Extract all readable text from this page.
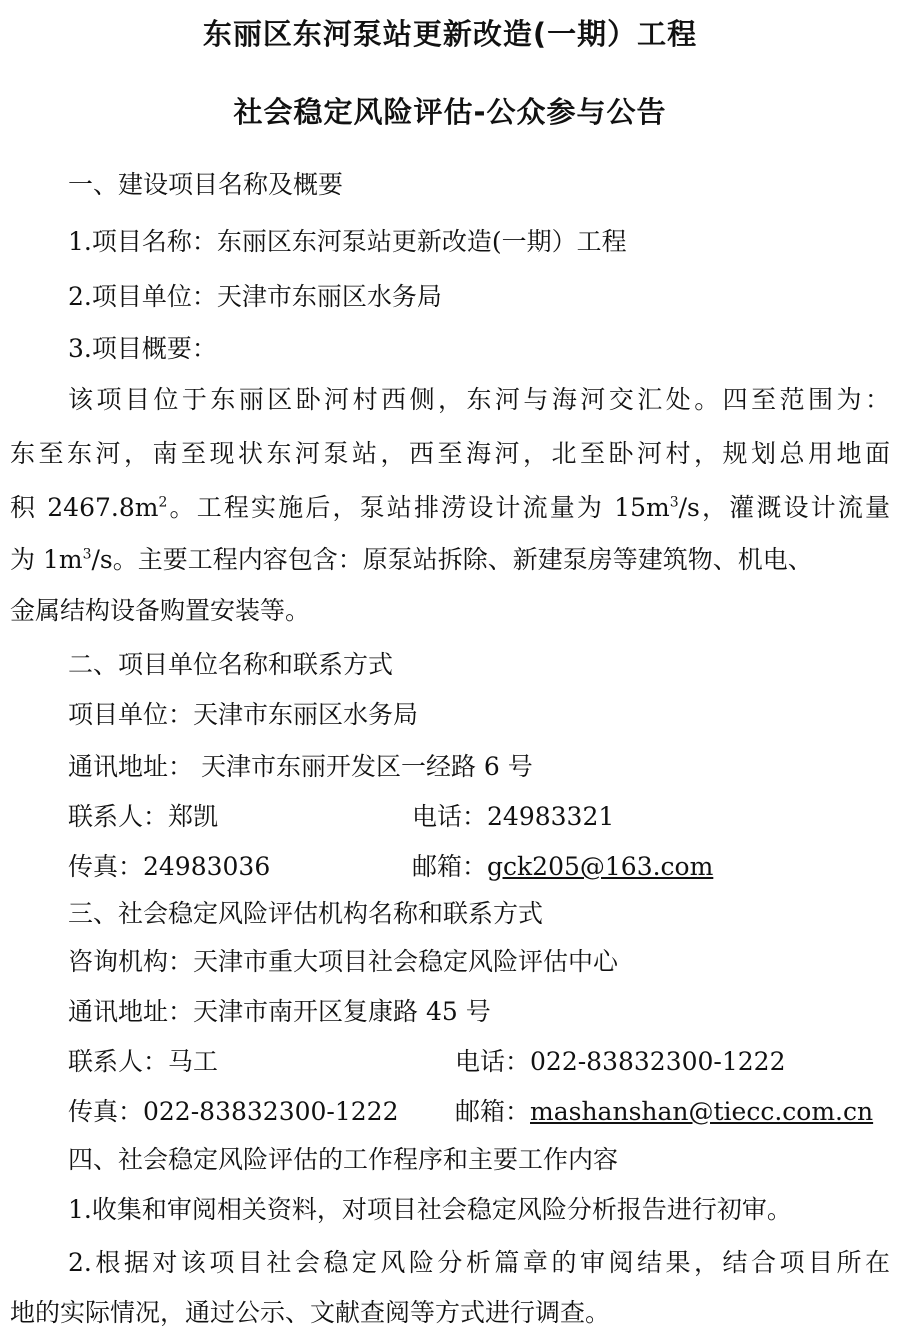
东丽区东河泵站更新改造(一期）工程
社会稳定风险评估-公众参与公告
一、建设项目名称及概要
1.项目名称：东丽区东河泵站更新改造(一期）工程
2.项目单位：天津市东丽区水务局
3.项目概要：
该项目位于东丽区卧河村西侧，东河与海河交汇处。四至范围为：
东至东河，南至现状东河泵站，西至海河，北至卧河村，规划总用地面
积 $2467.8m^2$。工程实施后，泵站排涝设计流量为 $15m^3/s$，灌溉设计流量
为 $1m^3/s$。主要工程内容包含：原泵站拆除、新建泵房等建筑物、机电、
金属结构设备购置安装等。
二、项目单位名称和联系方式
项目单位：天津市东丽区水务局
通讯地址： 天津市东丽开发区一经路 6 号
联系人：郑凯	电话：24983321
传真：24983036	邮箱：gck205@163.com
三、社会稳定风险评估机构名称和联系方式
咨询机构：天津市重大项目社会稳定风险评估中心
通讯地址：天津市南开区复康路 45 号
联系人：马工	电话：022-83832300-1222
传真：022-83832300-1222 邮箱：mashanshan@tiecc.com.cn
四、社会稳定风险评估的工作程序和主要工作内容
1.收集和审阅相关资料，对项目社会稳定风险分析报告进行初审。
2.根据对该项目社会稳定风险分析篇章的审阅结果，结合项目所在
地的实际情况，通过公示、文献查阅等方式进行调查。
